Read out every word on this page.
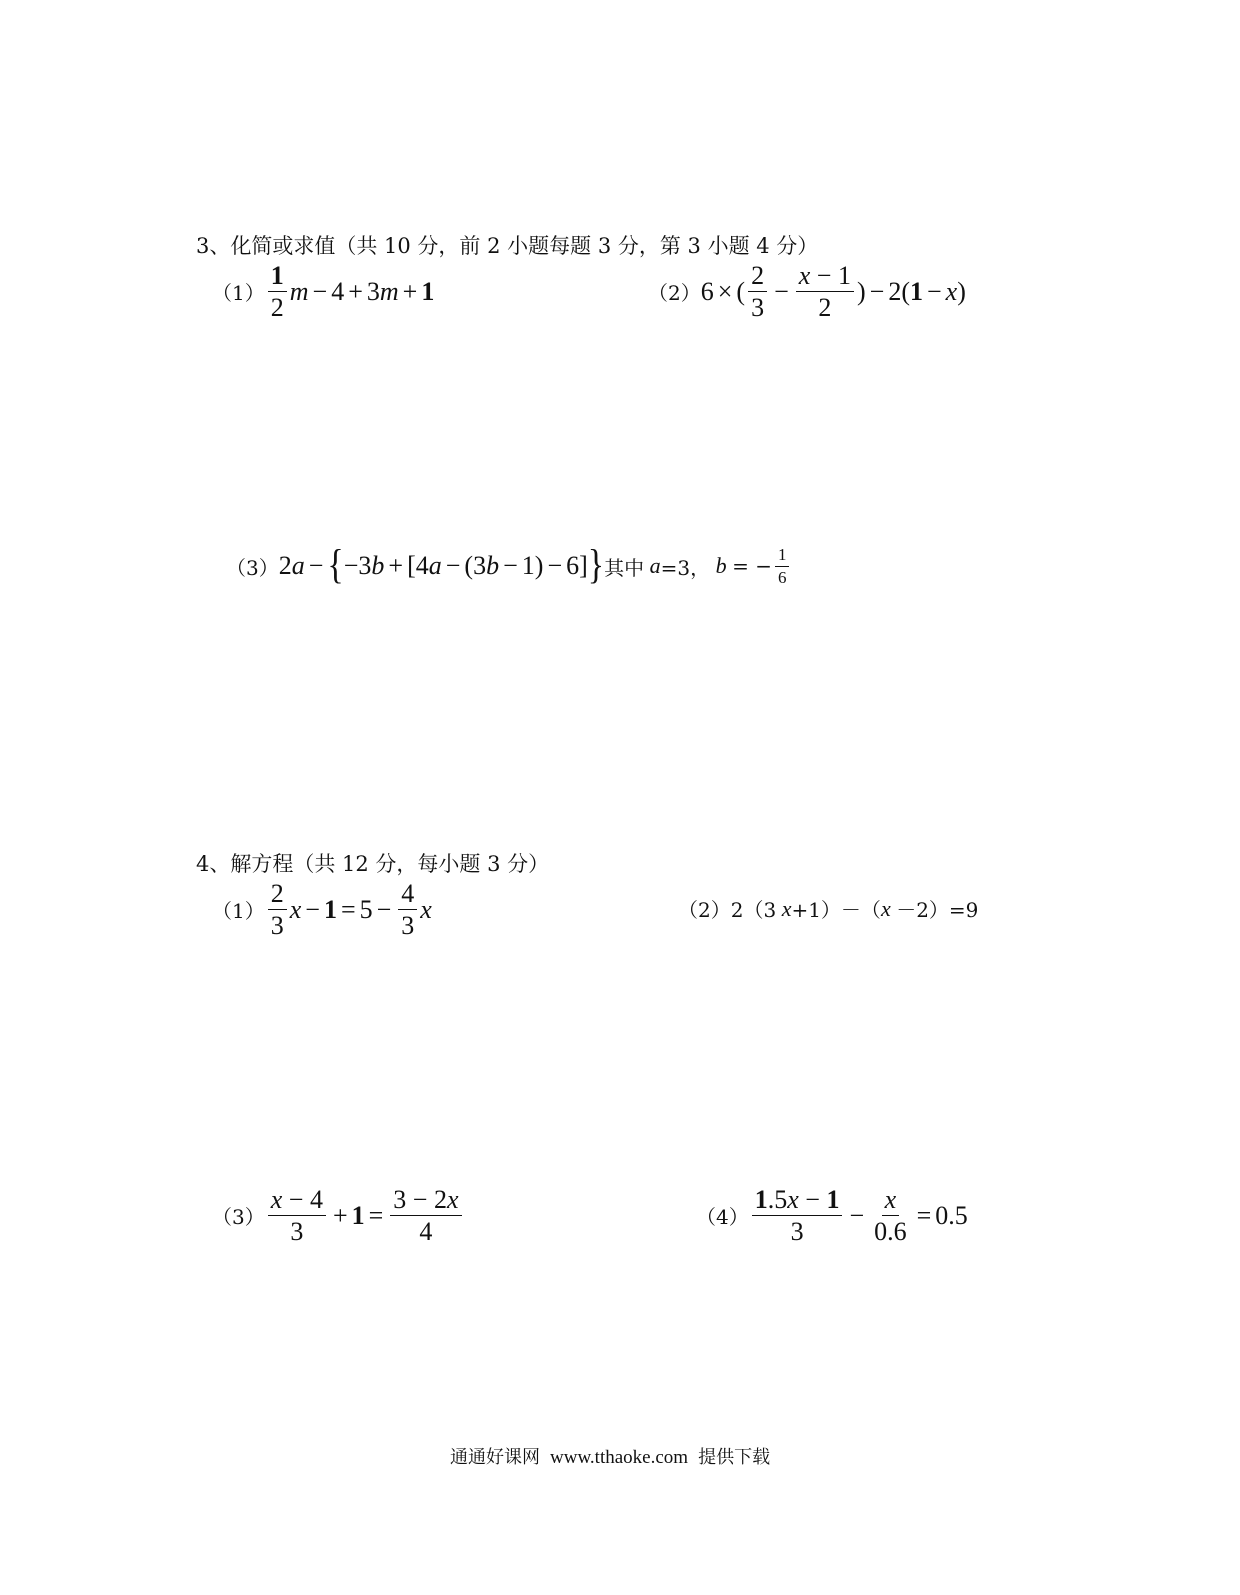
3、化简或求值（共 10 分，前 2 小题每题 3 分，第 3 小题 4 分）
$(1) \frac{1}{2}$ m − 4 + 3 m + 1	（2） 6 × ( $\frac{2}{3} - \frac{x - 1}{2}$ ) − 2( 1 − x )
（3） 2 a − { −3 b + [4 a − (3 b − 1) − 6] } 其中 a =3， b = − $\frac{1}{6}$
4、解方程（共 12 分，每小题 3 分）
$(1) \frac{2}{3}$ $x - 1 = 5 - \frac{4}{3}$ x	（2） 2（3 x +1）－（ x －2）=9
$(3) \frac{x - 4}{3} + 1 = \frac{3 - 2x}{4}$	$(4) \frac{1.5x - 1}{3} - \frac{x}{0.6} = 0.5$
通通好课网 www.tthaoke.com 提供下载
